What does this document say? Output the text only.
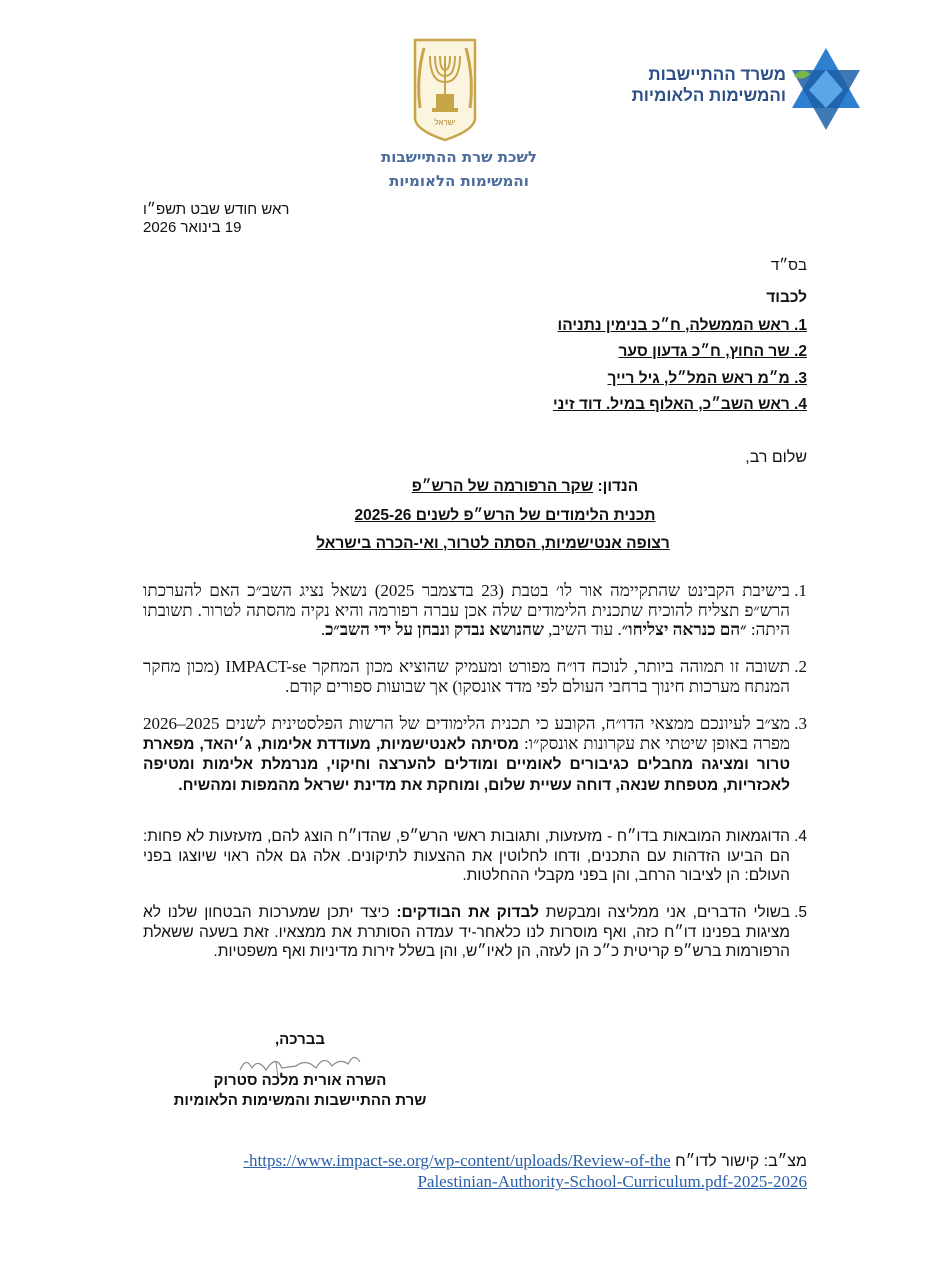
ישראל
משרד ההתיישבות
והמשימות הלאומיות
לשכת שרת ההתיישבות
והמשימות הלאומיות
ראש חודש שבט תשפ״ו
19 בינואר 2026
בס״ד
לכבוד
1. ראש הממשלה, ח״כ בנימין נתניהו
2. שר החוץ, ח״כ גדעון סער
3. מ״מ ראש המל״ל, גיל רייך
4. ראש השב״כ, האלוף במיל. דוד זיני
שלום רב,
הנדון: שקר הרפורמה של הרש״פ
תכנית הלימודים של הרש״פ לשנים 2025-26
רצופה אנטישמיות, הסתה לטרור, ואי-הכרה בישראל
1.
בישיבת הקבינט שהתקיימה אור לו׳ בטבת (23 בדצמבר 2025) נשאל נציג השב״כ האם להערכתו הרש״פ תצליח להוכיח שתכנית הלימודים שלה אכן עברה רפורמה והיא נקיה מהסתה לטרור. תשובתו היתה: ״הם כנראה יצליחו״. עוד השיב, שהנושא נבדק ונבחן על ידי השב״כ.
2.
תשובה זו תמוהה ביותר, לנוכח דו״ח מפורט ומעמיק שהוציא מכון המחקר IMPACT-se (מכון מחקר המנתח מערכות חינוך ברחבי העולם לפי מדד אונסקו) אך שבועות ספורים קודם.
3.
מצ״ב לעיונכם ממצאי הדו״ח, הקובע כי תכנית הלימודים של הרשות הפלסטינית לשנים 2025–2026 מפרה באופן שיטתי את עקרונות אונסק״ו: מסיתה לאנטישמיות, מעודדת אלימות, ג׳יהאד, מפארת טרור ומציגה מחבלים כגיבורים לאומיים ומודלים להערצה וחיקוי, מנרמלת אלימות ומטיפה לאכזריות, מטפחת שנאה, דוחה עשיית שלום, ומוחקת את מדינת ישראל מהמפות ומהשיח.
4.
הדוגמאות המובאות בדו״ח - מזעזעות, ותגובות ראשי הרש״פ, שהדו״ח הוצג להם, מזעזעות לא פחות: הם הביעו הזדהות עם התכנים, ודחו לחלוטין את ההצעות לתיקונים. אלה גם אלה ראוי שיוצגו בפני העולם: הן לציבור הרחב, והן בפני מקבלי ההחלטות.
5.
בשולי הדברים, אני ממליצה ומבקשת לבדוק את הבודקים: כיצד יתכן שמערכות הבטחון שלנו לא מציגות בפנינו דו״ח כזה, ואף מוסרות לנו כלאחר-יד עמדה הסותרת את ממצאיו. זאת בשעה ששאלת הרפורמות ברש״פ קריטית כ״כ הן לעזה, הן לאיו״ש, והן בשלל זירות מדיניות ואף משפטיות.
בברכה,
השרה אורית מלכה סטרוק
שרת ההתיישבות והמשימות הלאומיות
מצ״ב: קישור לדו״ח https://www.impact-se.org/wp-content/uploads/Review-of-the-
2025-2026-Palestinian-Authority-School-Curriculum.pdf
